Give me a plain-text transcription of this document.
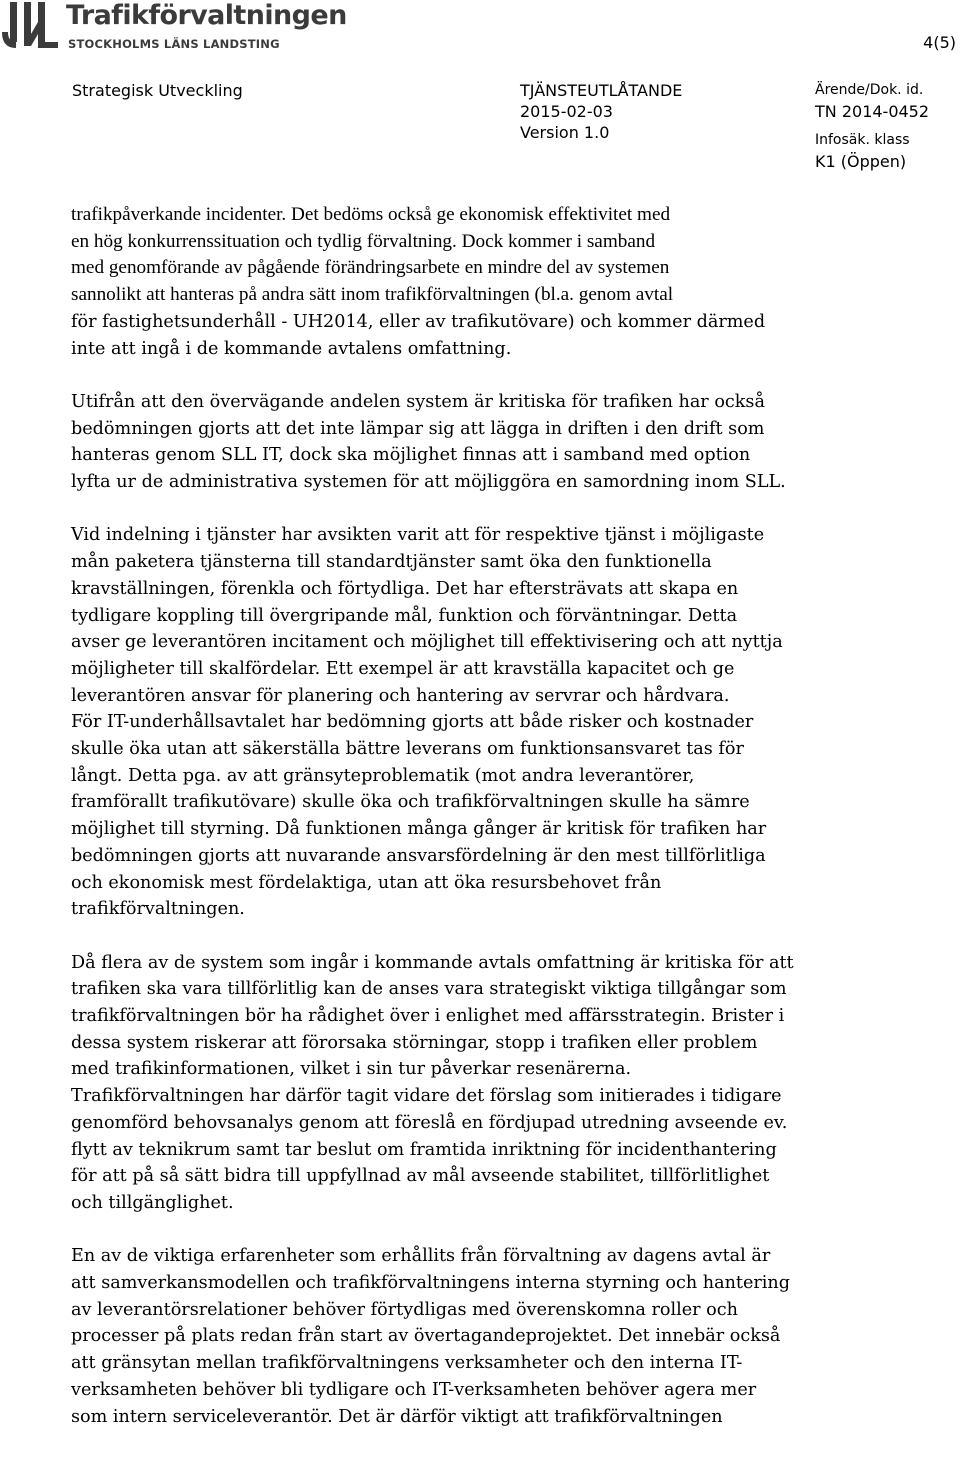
Trafikförvaltningen
STOCKHOLMS LÄNS LANDSTING	4(5)
Strategisk Utveckling	TJÄNSTEUTLÅTANDE
2015-02-03
Version 1.0
Ärende/Dok. id.
TN 2014-0452
Infosäk. klass
K1 (Öppen)

trafikpåverkande incidenter. Det bedöms också ge ekonomisk effektivitet med
en hög konkurrenssituation och tydlig förvaltning. Dock kommer i samband
med genomförande av pågående förändringsarbete en mindre del av systemen
sannolikt att hanteras på andra sätt inom trafikförvaltningen (bl.a. genom avtal
för fastighetsunderhåll - UH2014, eller av trafikutövare) och kommer därmed
inte att ingå i de kommande avtalens omfattning.

Utifrån att den övervägande andelen system är kritiska för trafiken har också
bedömningen gjorts att det inte lämpar sig att lägga in driften i den drift som
hanteras genom SLL IT, dock ska möjlighet finnas att i samband med option
lyfta ur de administrativa systemen för att möjliggöra en samordning inom SLL.

Vid indelning i tjänster har avsikten varit att för respektive tjänst i möjligaste
mån paketera tjänsterna till standardtjänster samt öka den funktionella
kravställningen, förenkla och förtydliga. Det har eftersträvats att skapa en
tydligare koppling till övergripande mål, funktion och förväntningar. Detta
avser ge leverantören incitament och möjlighet till effektivisering och att nyttja
möjligheter till skalfördelar. Ett exempel är att kravställa kapacitet och ge
leverantören ansvar för planering och hantering av servrar och hårdvara.
För IT-underhållsavtalet har bedömning gjorts att både risker och kostnader
skulle öka utan att säkerställa bättre leverans om funktionsansvaret tas för
långt. Detta pga. av att gränsyteproblematik (mot andra leverantörer,
framförallt trafikutövare) skulle öka och trafikförvaltningen skulle ha sämre
möjlighet till styrning. Då funktionen många gånger är kritisk för trafiken har
bedömningen gjorts att nuvarande ansvarsfördelning är den mest tillförlitliga
och ekonomisk mest fördelaktiga, utan att öka resursbehovet från
trafikförvaltningen.

Då flera av de system som ingår i kommande avtals omfattning är kritiska för att
trafiken ska vara tillförlitlig kan de anses vara strategiskt viktiga tillgångar som
trafikförvaltningen bör ha rådighet över i enlighet med affärsstrategin. Brister i
dessa system riskerar att förorsaka störningar, stopp i trafiken eller problem
med trafikinformationen, vilket i sin tur påverkar resenärerna.
Trafikförvaltningen har därför tagit vidare det förslag som initierades i tidigare
genomförd behovsanalys genom att föreslå en fördjupad utredning avseende ev.
flytt av teknikrum samt tar beslut om framtida inriktning för incidenthantering
för att på så sätt bidra till uppfyllnad av mål avseende stabilitet, tillförlitlighet
och tillgänglighet.

En av de viktiga erfarenheter som erhållits från förvaltning av dagens avtal är
att samverkansmodellen och trafikförvaltningens interna styrning och hantering
av leverantörsrelationer behöver förtydligas med överenskomna roller och
processer på plats redan från start av övertagandeprojektet. Det innebär också
att gränsytan mellan trafikförvaltningens verksamheter och den interna IT-
verksamheten behöver bli tydligare och IT-verksamheten behöver agera mer
som intern serviceleverantör. Det är därför viktigt att trafikförvaltningen
